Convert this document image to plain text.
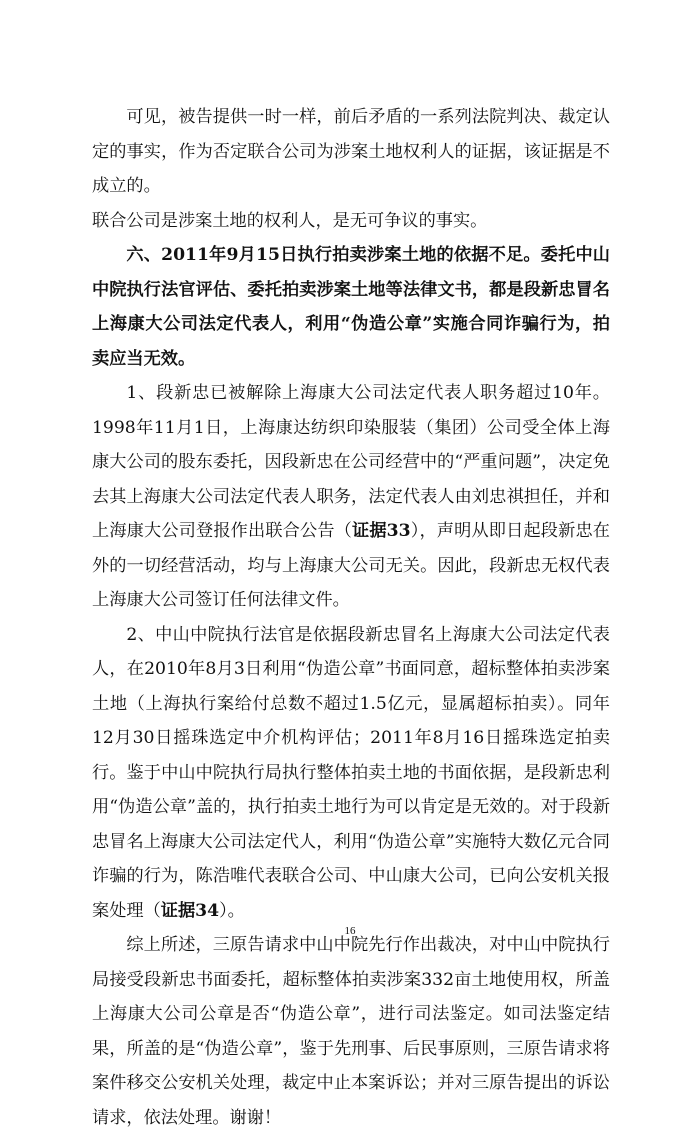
可见，被告提供一时一样，前后矛盾的一系列法院判决、裁定认定的事实，作为否定联合公司为涉案土地权利人的证据，该证据是不成立的。

联合公司是涉案土地的权利人，是无可争议的事实。

六、2011年9月15日执行拍卖涉案土地的依据不足。委托中山中院执行法官评估、委托拍卖涉案土地等法律文书，都是段新忠冒名上海康大公司法定代表人，利用“伪造公章”实施合同诈骗行为，拍卖应当无效。

1、段新忠已被解除上海康大公司法定代表人职务超过10年。1998年11月1日，上海康达纺织印染服装（集团）公司受全体上海康大公司的股东委托，因段新忠在公司经营中的“严重问题”，决定免去其上海康大公司法定代表人职务，法定代表人由刘忠祺担任，并和上海康大公司登报作出联合公告（证据33），声明从即日起段新忠在外的一切经营活动，均与上海康大公司无关。因此，段新忠无权代表上海康大公司签订任何法律文件。

2、中山中院执行法官是依据段新忠冒名上海康大公司法定代表人，在2010年8月3日利用“伪造公章”书面同意，超标整体拍卖涉案土地（上海执行案给付总数不超过1.5亿元，显属超标拍卖）。同年12月30日摇珠选定中介机构评估；2011年8月16日摇珠选定拍卖行。鉴于中山中院执行局执行整体拍卖土地的书面依据，是段新忠利用“伪造公章”盖的，执行拍卖土地行为可以肯定是无效的。对于段新忠冒名上海康大公司法定代人，利用“伪造公章”实施特大数亿元合同诈骗的行为，陈浩唯代表联合公司、中山康大公司，已向公安机关报案处理（证据34）。

综上所述，三原告请求中山中院先行作出裁决，对中山中院执行局接受段新忠书面委托，超标整体拍卖涉案332亩土地使用权，所盖上海康大公司公章是否“伪造公章”，进行司法鉴定。如司法鉴定结果，所盖的是“伪造公章”，鉴于先刑事、后民事原则，三原告请求将案件移交公安机关处理，裁定中止本案诉讼；并对三原告提出的诉讼请求，依法处理。谢谢！

16
